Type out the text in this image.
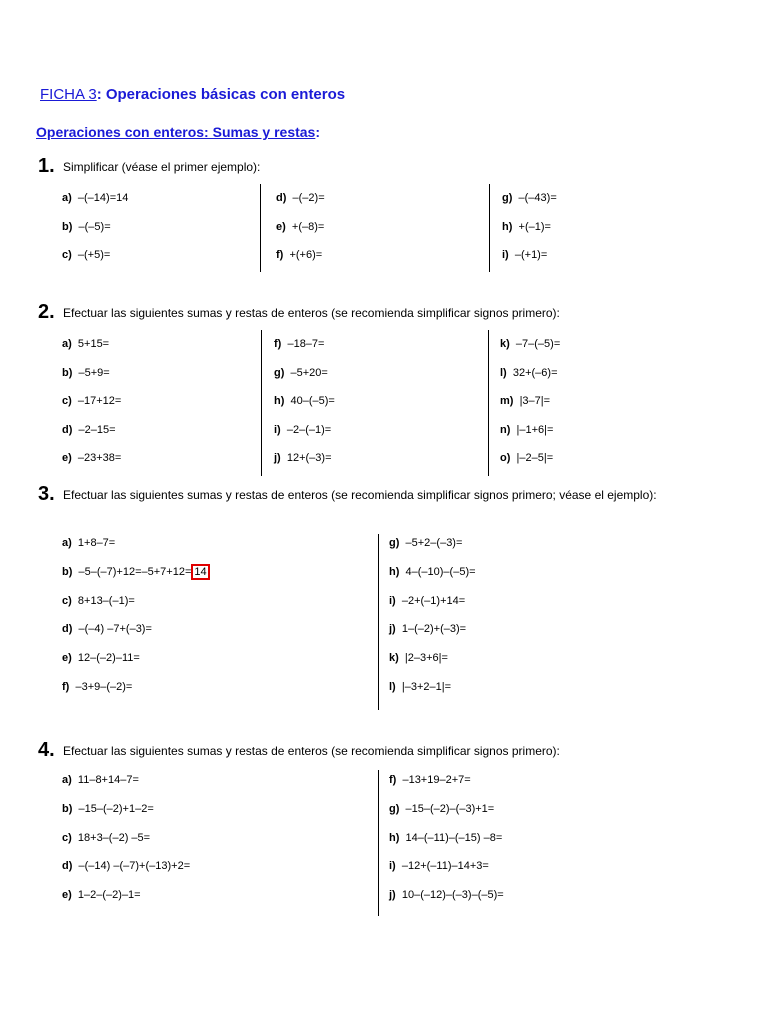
FICHA 3: Operaciones básicas con enteros
Operaciones con enteros: Sumas y restas:
1. Simplificar (véase el primer ejemplo):
a) –(–14)=14
b) –(–5)=
c) –(+5)=
d) –(–2)=
e) +(–8)=
f) +(+6)=
g) –(–43)=
h) +(–1)=
i) –(+1)=
2. Efectuar las siguientes sumas y restas de enteros (se recomienda simplificar signos primero):
a) 5+15=
b) –5+9=
c) –17+12=
d) –2–15=
e) –23+38=
f) –18–7=
g) –5+20=
h) 40–(–5)=
i) –2–(–1)=
j) 12+(–3)=
k) –7–(–5)=
l) 32+(–6)=
m) |3–7|=
n) |–1+6|=
o) |–2–5|=
3. Efectuar las siguientes sumas y restas de enteros (se recomienda simplificar signos primero; véase el ejemplo):
a) 1+8–7=
b) –5–(–7)+12=–5+7+12= 14
c) 8+13–(–1)=
d) –(–4) –7+(–3)=
e) 12–(–2)–11=
f) –3+9–(–2)=
g) –5+2–(–3)=
h) 4–(–10)–(–5)=
i) –2+(–1)+14=
j) 1–(–2)+(–3)=
k) |2–3+6|=
l) |–3+2–1|=
4. Efectuar las siguientes sumas y restas de enteros (se recomienda simplificar signos primero):
a) 11–8+14–7=
b) –15–(–2)+1–2=
c) 18+3–(–2) –5=
d) –(–14) –(–7)+(–13)+2=
e) 1–2–(–2)–1=
f) –13+19–2+7=
g) –15–(–2)–(–3)+1=
h) 14–(–11)–(–15) –8=
i) –12+(–11)–14+3=
j) 10–(–12)–(–3)–(–5)=
